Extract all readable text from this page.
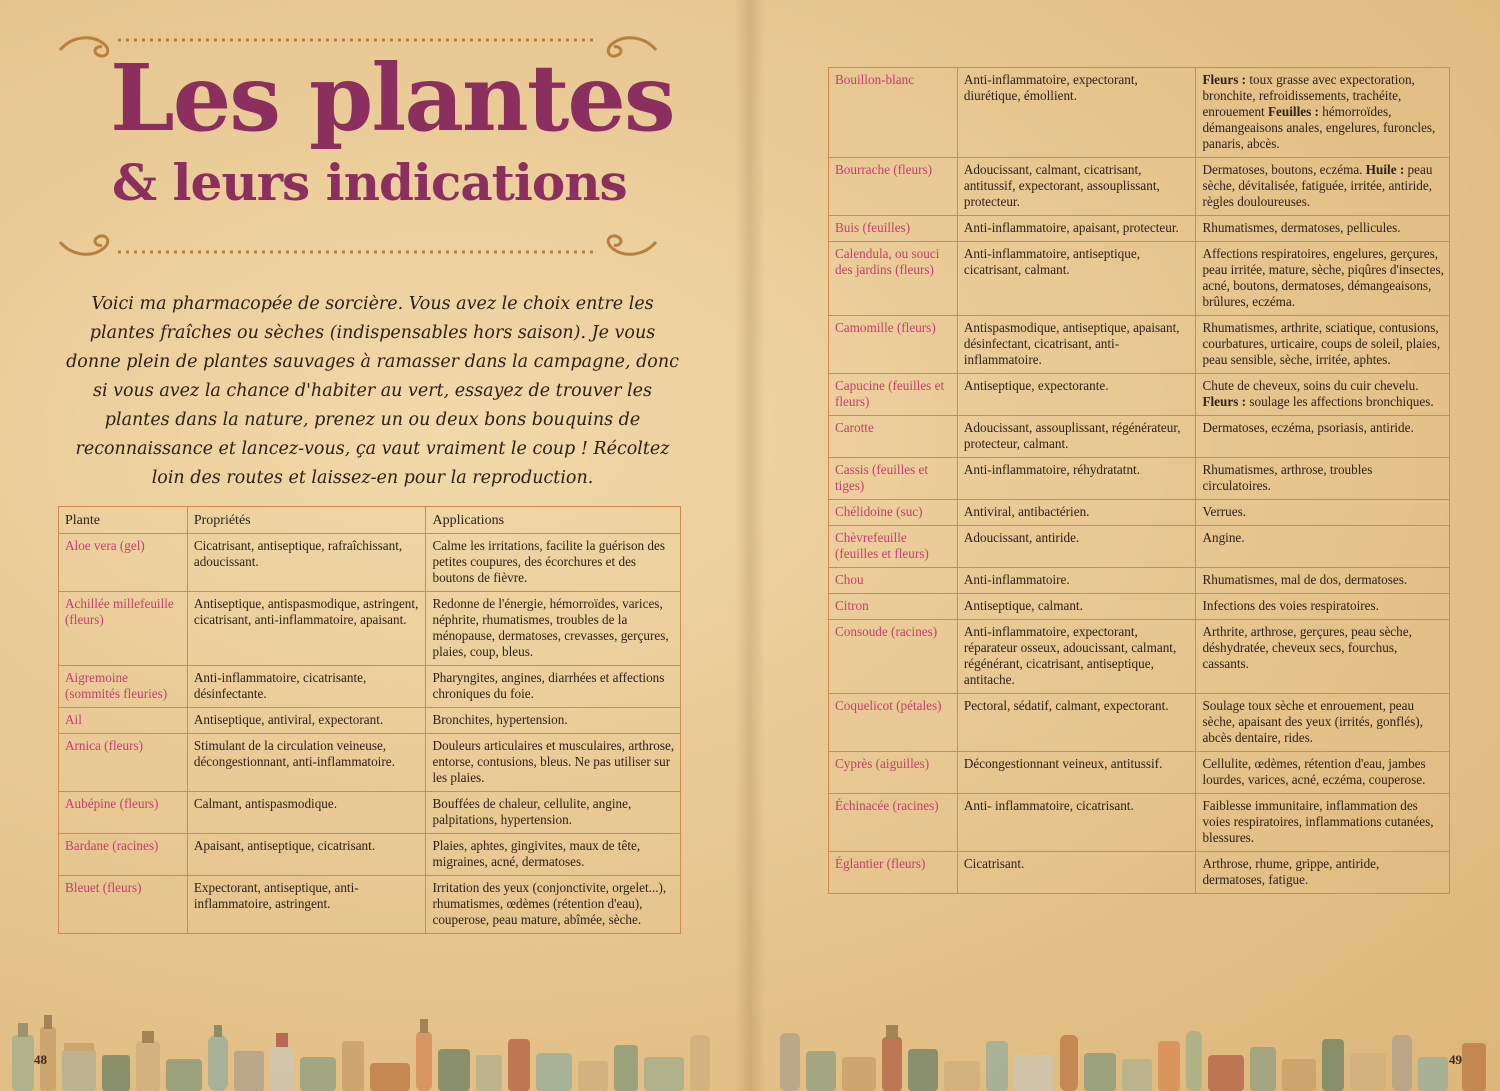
Les plantes
& leurs indications
Voici ma pharmacopée de sorcière. Vous avez le choix entre les plantes fraîches ou sèches (indispensables hors saison). Je vous donne plein de plantes sauvages à ramasser dans la campagne, donc si vous avez la chance d'habiter au vert, essayez de trouver les plantes dans la nature, prenez un ou deux bons bouquins de reconnaissance et lancez-vous, ça vaut vraiment le coup ! Récoltez loin des routes et laissez-en pour la reproduction.
Plante	Propriétés	Applications
Aloe vera (gel)	Cicatrisant, antiseptique, rafraîchissant, adoucissant.	Calme les irritations, facilite la guérison des petites coupures, des écorchures et des boutons de fièvre.
Achillée millefeuille (fleurs)	Antiseptique, antispasmodique, astringent, cicatrisant, anti-inflammatoire, apaisant.	Redonne de l'énergie, hémorroïdes, varices, néphrite, rhumatismes, troubles de la ménopause, dermatoses, crevasses, gerçures, plaies, coup, bleus.
Aigremoine (sommités fleuries)	Anti-inflammatoire, cicatrisante, désinfectante.	Pharyngites, angines, diarrhées et affections chroniques du foie.
Ail	Antiseptique, antiviral, expectorant.	Bronchites, hypertension.
Arnica (fleurs)	Stimulant de la circulation veineuse, décongestionnant, anti-inflammatoire.	Douleurs articulaires et musculaires, arthrose, entorse, contusions, bleus. Ne pas utiliser sur les plaies.
Aubépine (fleurs)	Calmant, antispasmodique.	Bouffées de chaleur, cellulite, angine, palpitations, hypertension.
Bardane (racines)	Apaisant, antiseptique, cicatrisant.	Plaies, aphtes, gingivites, maux de tête, migraines, acné, dermatoses.
Bleuet (fleurs)	Expectorant, antiseptique, anti-inflammatoire, astringent.	Irritation des yeux (conjonctivite, orgelet...), rhumatismes, œdèmes (rétention d'eau), couperose, peau mature, abîmée, sèche.
Bouillon-blanc	Anti-inflammatoire, expectorant, diurétique, émollient.	Fleurs : toux grasse avec expectoration, bronchite, refroidissements, trachéite, enrouement Feuilles : hémorroïdes, démangeaisons anales, engelures, furoncles, panaris, abcès.
Bourrache (fleurs)	Adoucissant, calmant, cicatrisant, antitussif, expectorant, assouplissant, protecteur.	Dermatoses, boutons, eczéma. Huile : peau sèche, dévitalisée, fatiguée, irritée, antiride, règles douloureuses.
Buis (feuilles)	Anti-inflammatoire, apaisant, protecteur.	Rhumatismes, dermatoses, pellicules.
Calendula, ou souci des jardins (fleurs)	Anti-inflammatoire, antiseptique, cicatrisant, calmant.	Affections respiratoires, engelures, gerçures, peau irritée, mature, sèche, piqûres d'insectes, acné, boutons, dermatoses, démangeaisons, brûlures, eczéma.
Camomille (fleurs)	Antispasmodique, antiseptique, apaisant, désinfectant, cicatrisant, anti-inflammatoire.	Rhumatismes, arthrite, sciatique, contusions, courbatures, urticaire, coups de soleil, plaies, peau sensible, sèche, irritée, aphtes.
Capucine (feuilles et fleurs)	Antiseptique, expectorante.	Chute de cheveux, soins du cuir chevelu. Fleurs : soulage les affections bronchiques.
Carotte	Adoucissant, assouplissant, régénérateur, protecteur, calmant.	Dermatoses, eczéma, psoriasis, antiride.
Cassis (feuilles et tiges)	Anti-inflammatoire, réhydratatnt.	Rhumatismes, arthrose, troubles circulatoires.
Chélidoine (suc)	Antiviral, antibactérien.	Verrues.
Chèvrefeuille (feuilles et fleurs)	Adoucissant, antiride.	Angine.
Chou	Anti-inflammatoire.	Rhumatismes, mal de dos, dermatoses.
Citron	Antiseptique, calmant.	Infections des voies respiratoires.
Consoude (racines)	Anti-inflammatoire, expectorant, réparateur osseux, adoucissant, calmant, régénérant, cicatrisant, antiseptique, antitache.	Arthrite, arthrose, gerçures, peau sèche, déshydratée, cheveux secs, fourchus, cassants.
Coquelicot (pétales)	Pectoral, sédatif, calmant, expectorant.	Soulage toux sèche et enrouement, peau sèche, apaisant des yeux (irrités, gonflés), abcès dentaire, rides.
Cyprès (aiguilles)	Décongestionnant veineux, antitussif.	Cellulite, œdèmes, rétention d'eau, jambes lourdes, varices, acné, eczéma, couperose.
Échinacée (racines)	Anti- inflammatoire, cicatrisant.	Faiblesse immunitaire, inflammation des voies respiratoires, inflammations cutanées, blessures.
Églantier (fleurs)	Cicatrisant.	Arthrose, rhume, grippe, antiride, dermatoses, fatigue.
48	49
